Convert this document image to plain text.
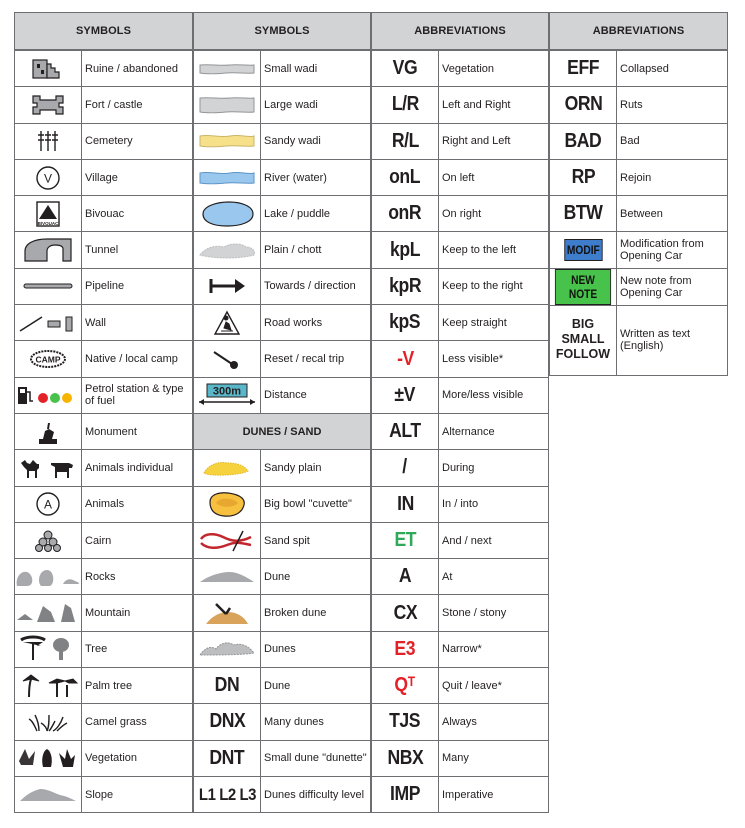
SYMBOLS
	Ruine / abandoned

	Fort / castle

	Cemetery

V	Village

BIVOUAC	Bivouac

	Tunnel

	Pipeline

	Wall

CAMP	Native / local camp

	Petrol station & type of fuel

	Monument

	Animals individual

A	Animals

	Cairn

	Rocks

	Mountain

	Tree

	Palm tree

	Camel grass

	Vegetation

	Slope
SYMBOLS
	Small wadi

	Large wadi

	Sandy wadi

	River (water)

	Lake / puddle

	Plain / chott

	Towards / direction

	Road works

	Reset / recal trip

300m	Distance
DUNES / SAND	

	Sandy plain

	Big bowl "cuvette"

	Sand spit

	Dune

	Broken dune

	Dunes
DN	Dune
DNX	Many dunes
DNT	Small dune "dunette"
L1 L2 L3	Dunes difficulty level
ABBREVIATIONS
VG	Vegetation
L/R	Left and Right
R/L	Right and Left
onL	On left
onR	On right
kpL	Keep to the left
kpR	Keep to the right
kpS	Keep straight
-V	Less visible*
±V	More/less visible
ALT	Alternance
/	During
IN	In / into
ET	And / next
A	At
CX	Stone / stony
E3	Narrow*
Qᵀ	Quit / leave*
TJS	Always
NBX	Many
IMP	Imperative
ABBREVIATIONS
EFF	Collapsed
ORN	Ruts
BAD	Bad
RP	Rejoin
BTW	Between
MODIF	Modification from Opening Car
NEW NOTE	New note from Opening Car
BIG
SMALL
FOLLOW	Written as text (English)
